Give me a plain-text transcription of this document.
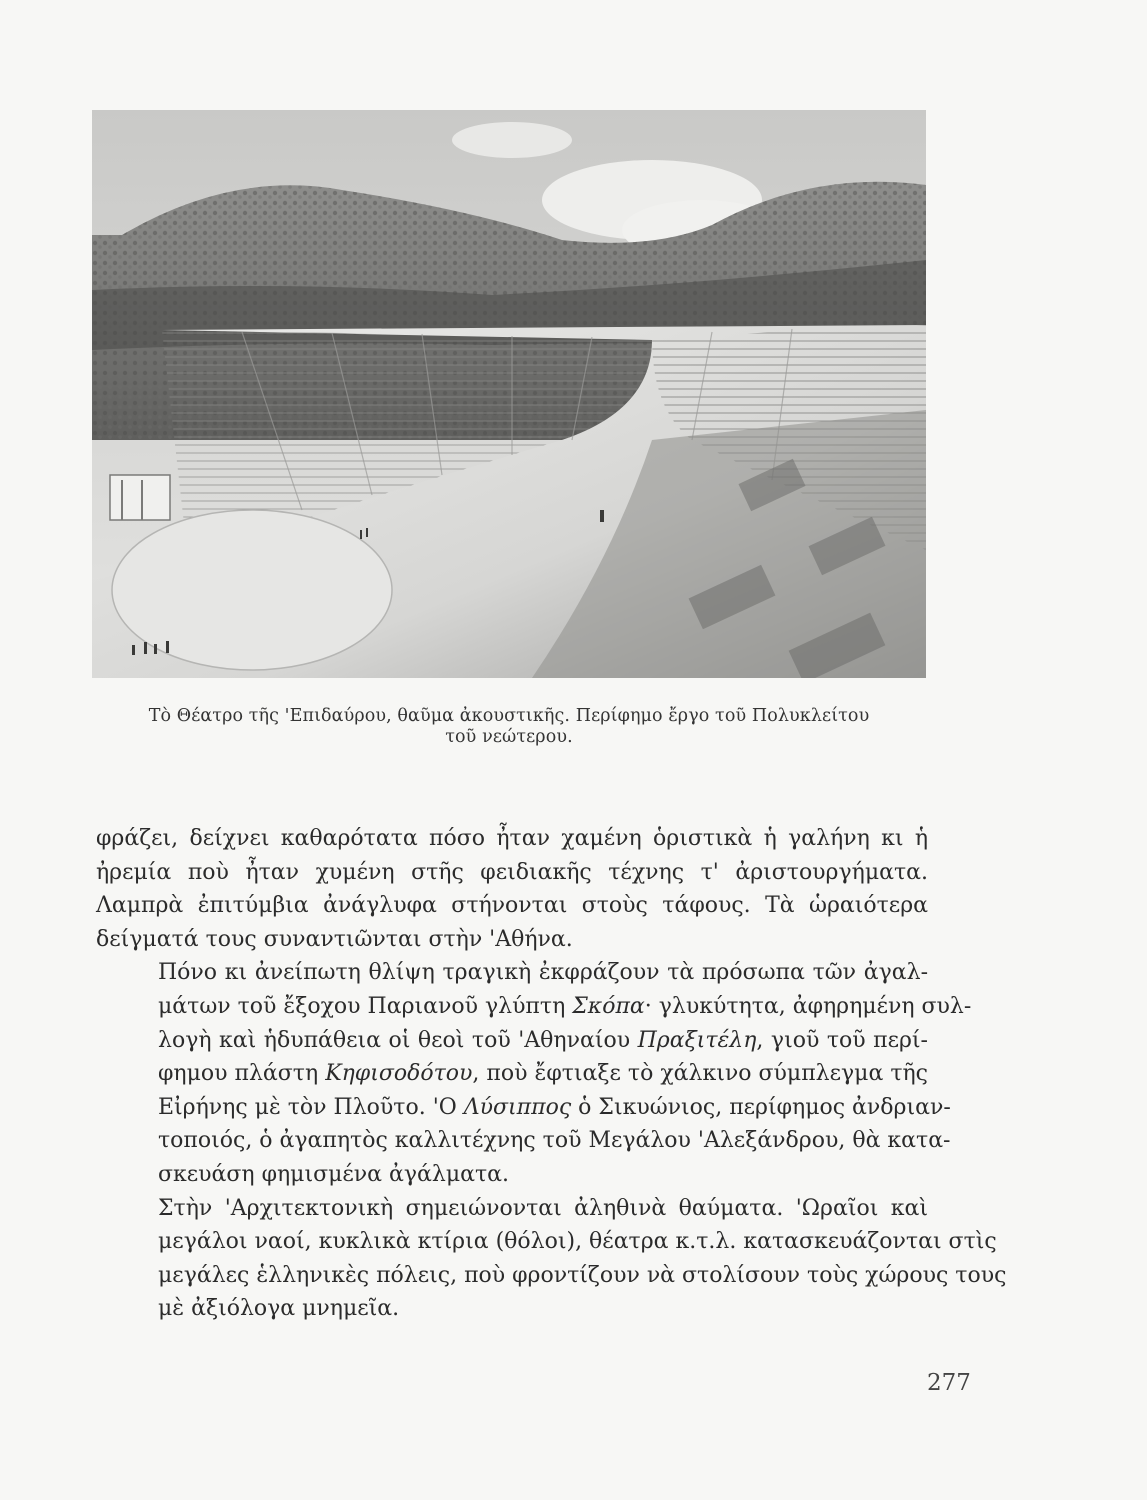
Τὸ Θέατρο τῆς 'Επιδαύρου, θαῦμα ἀκουστικῆς. Περίφημο ἔργο τοῦ Πολυκλείτου
τοῦ νεώτερου.

φράζει, δείχνει καθαρότατα πόσο ἦταν χαμένη ὁριστικὰ ἡ γαλήνη κι ἡ
ἠρεμία ποὺ ἦταν χυμένη στῆς φειδιακῆς τέχνης τ' ἀριστουργήματα.
Λαμπρὰ ἐπιτύμβια ἀνάγλυφα στήνονται στοὺς τάφους. Τὰ ὡραιότερα
δείγματά τους συναντιῶνται στὴν 'Αθήνα.

Πόνο κι ἀνείπωτη θλίψη τραγικὴ ἐκφράζουν τὰ πρόσωπα τῶν ἀγαλ-
μάτων τοῦ ἔξοχου Παριανοῦ γλύπτη Σκόπα· γλυκύτητα, ἀφηρημένη συλ-
λογὴ καὶ ἡδυπάθεια οἱ θεοὶ τοῦ 'Αθηναίου Πραξιτέλη, γιοῦ τοῦ περί-
φημου πλάστη Κηφισοδότου, ποὺ ἔφτιαξε τὸ χάλκινο σύμπλεγμα τῆς
Εἰρήνης μὲ τὸν Πλοῦτο. 'Ο Λύσιππος ὁ Σικυώνιος, περίφημος ἀνδριαν-
τοποιός, ὁ ἀγαπητὸς καλλιτέχνης τοῦ Μεγάλου 'Αλεξάνδρου, θὰ κατα-
σκευάση φημισμένα ἀγάλματα.

Στὴν 'Αρχιτεκτονικὴ σημειώνονται ἀληθινὰ θαύματα. 'Ωραῖοι καὶ
μεγάλοι ναοί, κυκλικὰ κτίρια (θόλοι), θέατρα κ.τ.λ. κατασκευάζονται στὶς
μεγάλες ἑλληνικὲς πόλεις, ποὺ φροντίζουν νὰ στολίσουν τοὺς χώρους τους
μὲ ἀξιόλογα μνημεῖα.

277
